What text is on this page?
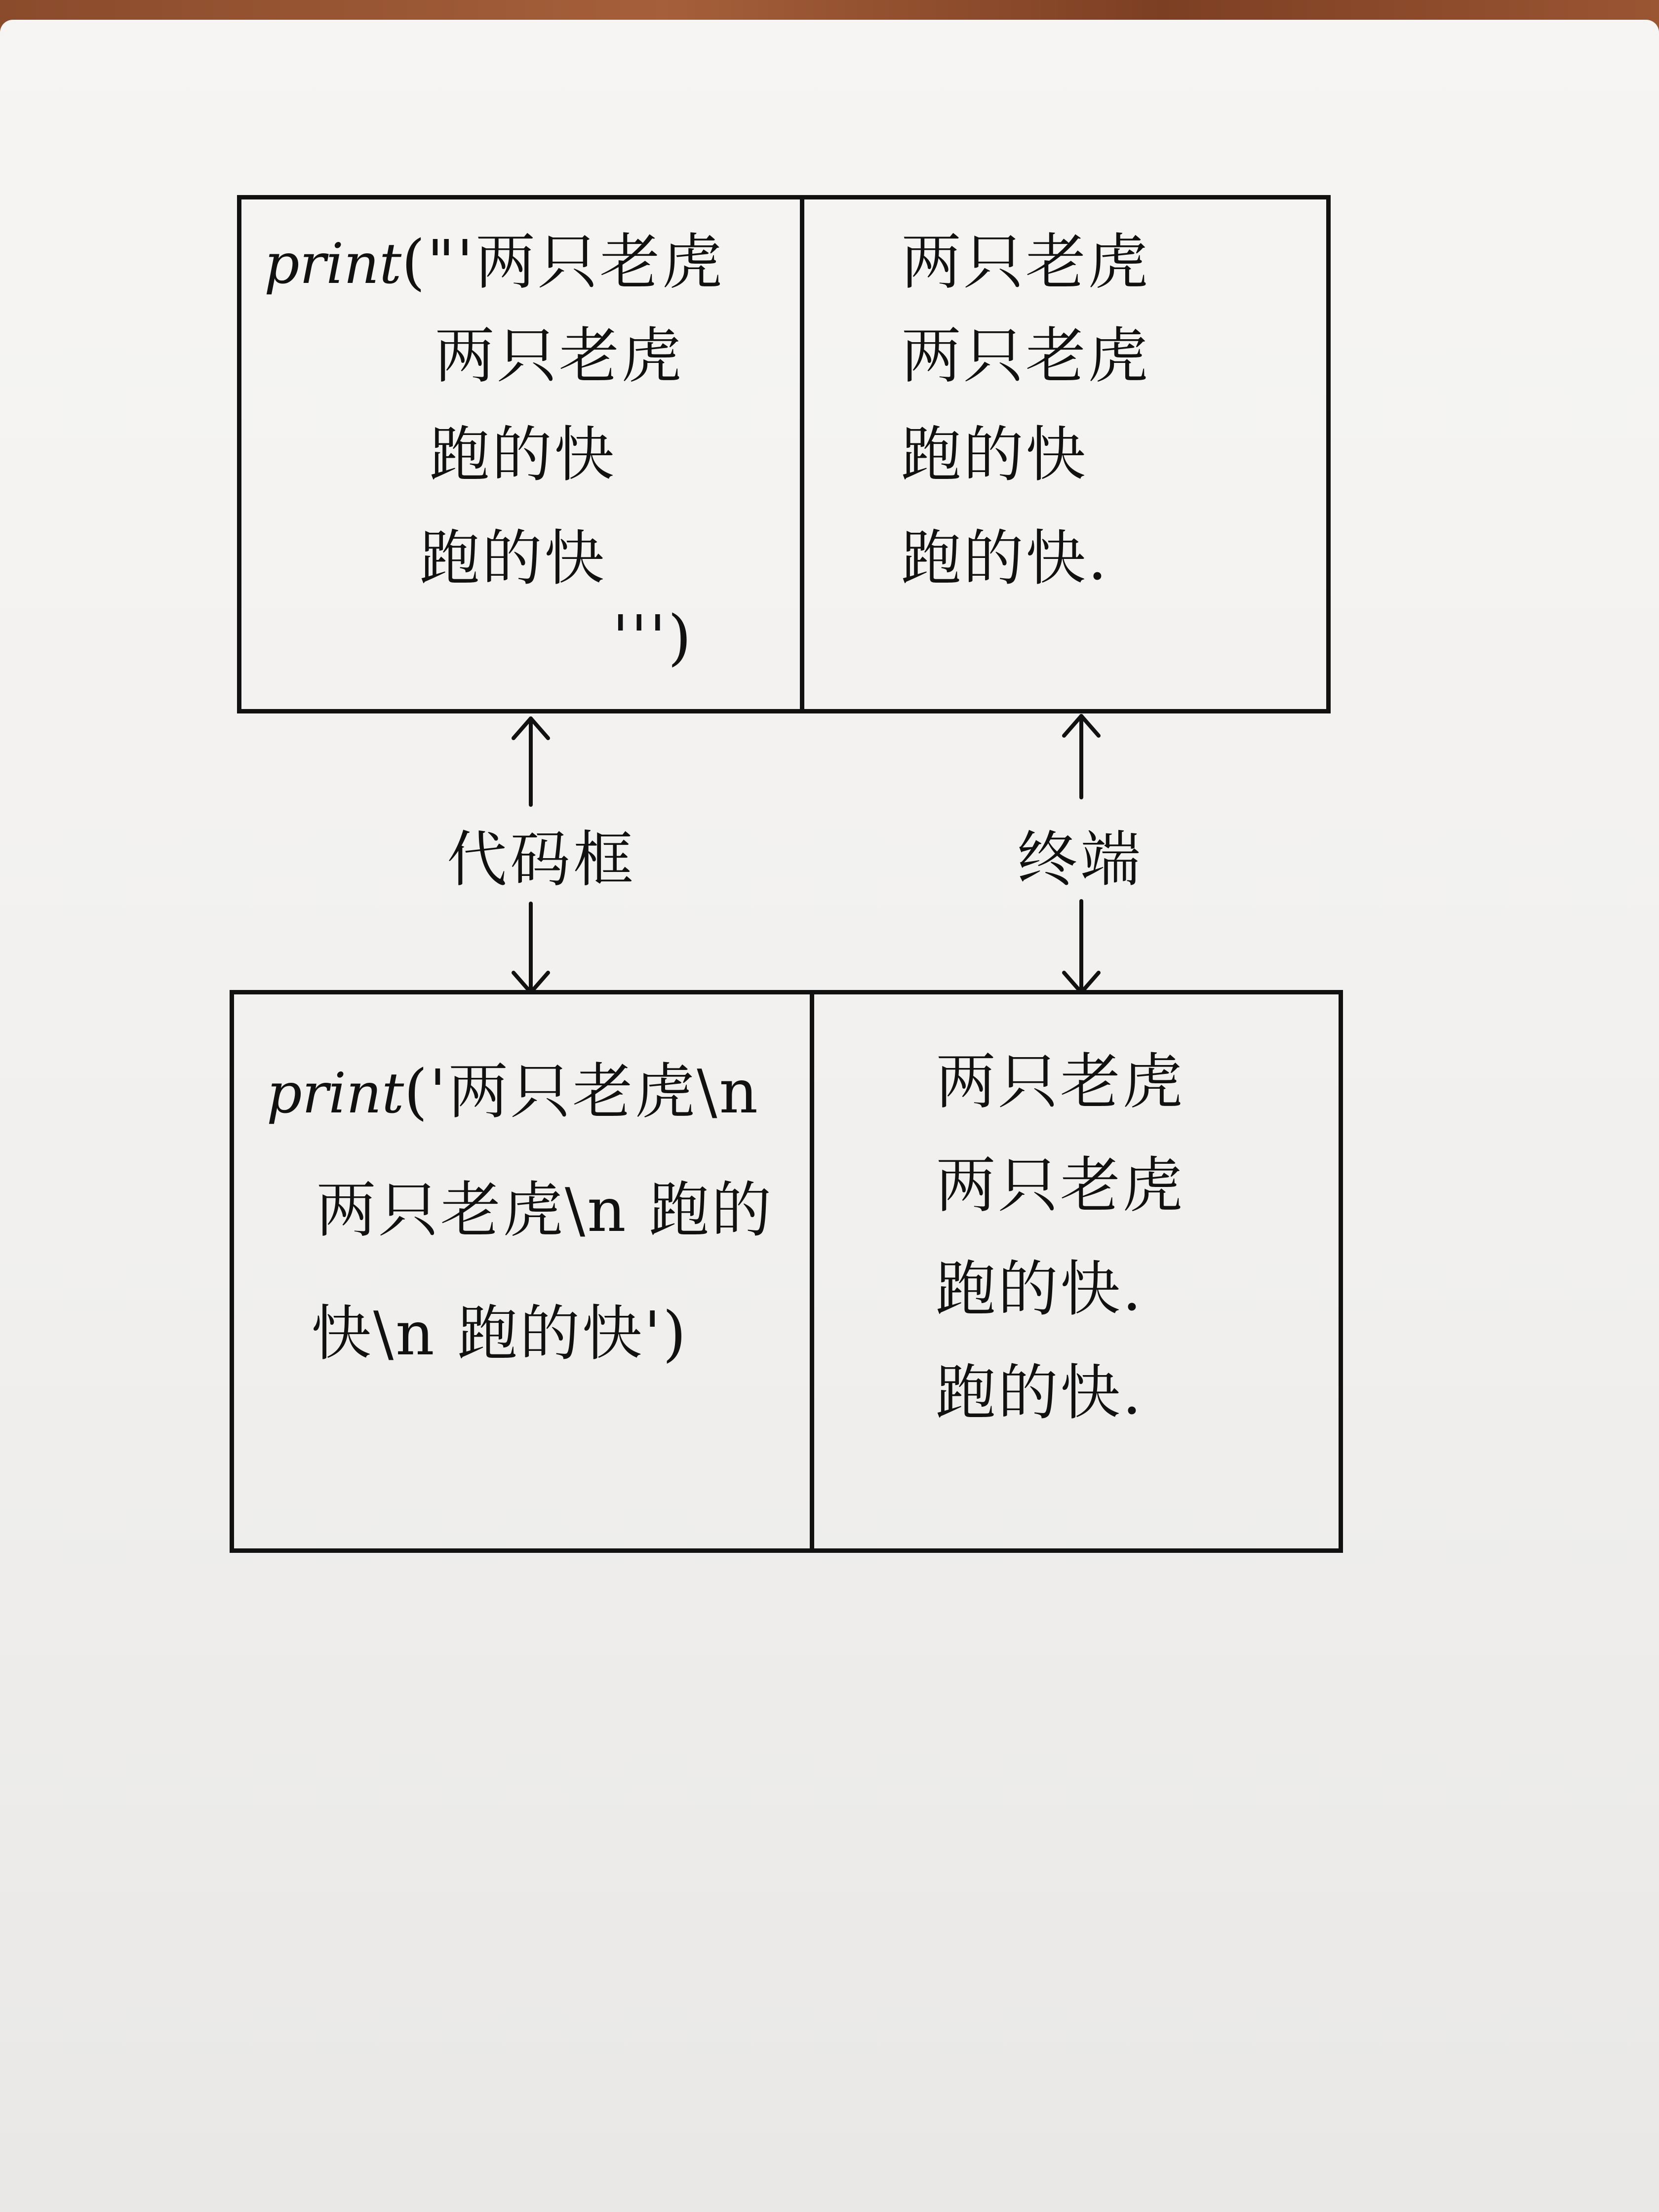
print("'两只老虎
两只老虎
跑的快
跑的快
''')
两只老虎
两只老虎
跑的快
跑的快.
代码框	终端
print('两只老虎\n
两只老虎\n 跑的
快\n 跑的快')
两只老虎
两只老虎
跑的快.
跑的快.
